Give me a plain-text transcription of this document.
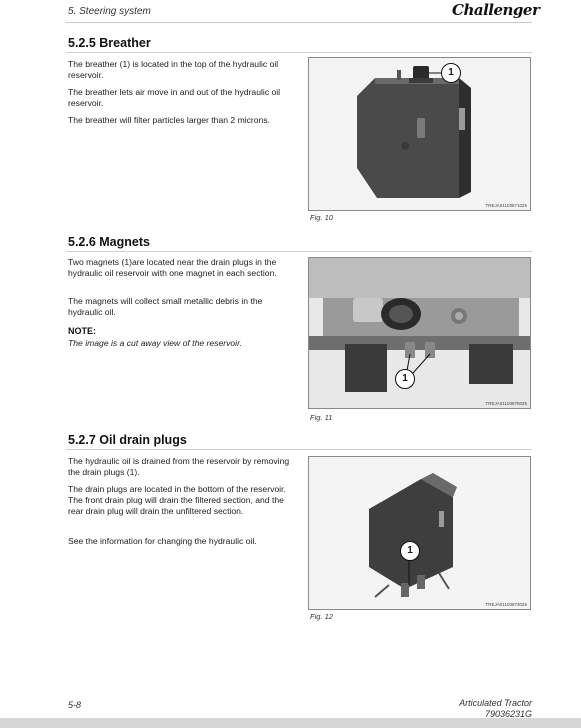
5. Steering system	Challenger
5.2.5 Breather

The breather (1) is located in the top of the hydraulic oil reservoir.

The breather lets air move in and out of the hydraulic oil reservoir.

The breather will filter particles larger than 2 microns.

1
TREJA01103871025
Fig. 10
5.2.6 Magnets

Two magnets (1)are located near the drain plugs in the hydraulic oil reservoir with one magnet in each section.

The magnets will collect small metallic debris in the hydraulic oil.

NOTE:
The image is a cut away view of the reservoir.
1
TREJA01103875025
Fig. 11
5.2.7 Oil drain plugs

The hydraulic oil is drained from the reservoir by removing the drain plugs (1).

The drain plugs are located in the bottom of the reservoir. The front drain plug will drain the filtered section, and the rear drain plug will drain the unfiltered section.

See the information for changing the hydraulic oil.

1
TREJA01103873025
Fig. 12
5-8	Articulated Tractor
79036231G
